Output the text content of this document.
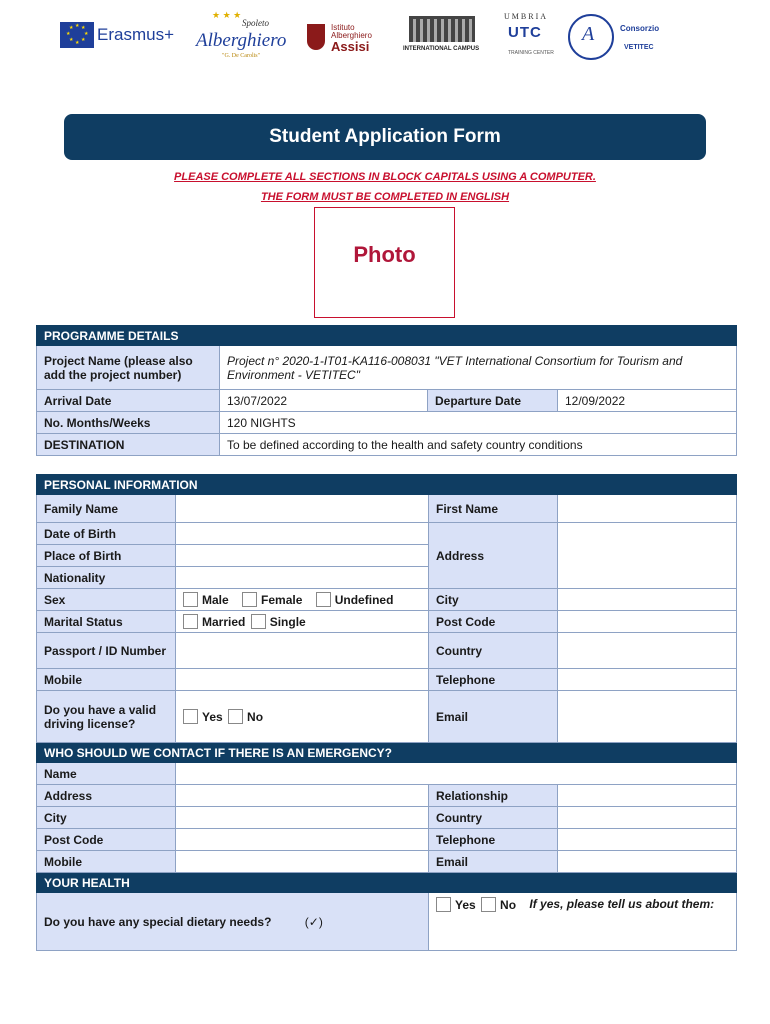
★ ★
★
★
★
★
★
★ Erasmus+
★ ★ ★
Spoleto
Alberghiero
"G. De Carolis"
Istituto Alberghiero
Assisi	INTERNATIONAL CAMPUS
UMBRIA
UTC
TRAINING CENTER
A	Consorzio
VETITEC
Student Application Form
PLEASE COMPLETE ALL SECTIONS IN BLOCK CAPITALS USING A COMPUTER.
THE FORM MUST BE COMPLETED IN ENGLISH
Photo
PROGRAMME DETAILS			
Project Name (please also add the project number)	Project n° 2020-1-IT01-KA116-008031 "VET International Consortium for Tourism and Environment - VETITEC"		
Arrival Date	13/07/2022	Departure Date	12/09/2022
No. Months/Weeks	120 NIGHTS		
DESTINATION	To be defined according to the health and safety country conditions		
PERSONAL INFORMATION			
Family Name		First Name	
Date of Birth		Address	
Place of Birth			
Nationality			
Sex	Male Female Undefined	City	
Marital Status	Married Single	Post Code	
Passport / ID Number		Country	
Mobile		Telephone	
Do you have a valid driving license?	Yes No	Email	
WHO SHOULD WE CONTACT IF THERE IS AN EMERGENCY?			
Name			
Address		Relationship	
City		Country	
Post Code		Telephone	
Mobile		Email	
YOUR HEALTH			
Do you have any special dietary needs? (✓)		Yes No If yes, please tell us about them:	
